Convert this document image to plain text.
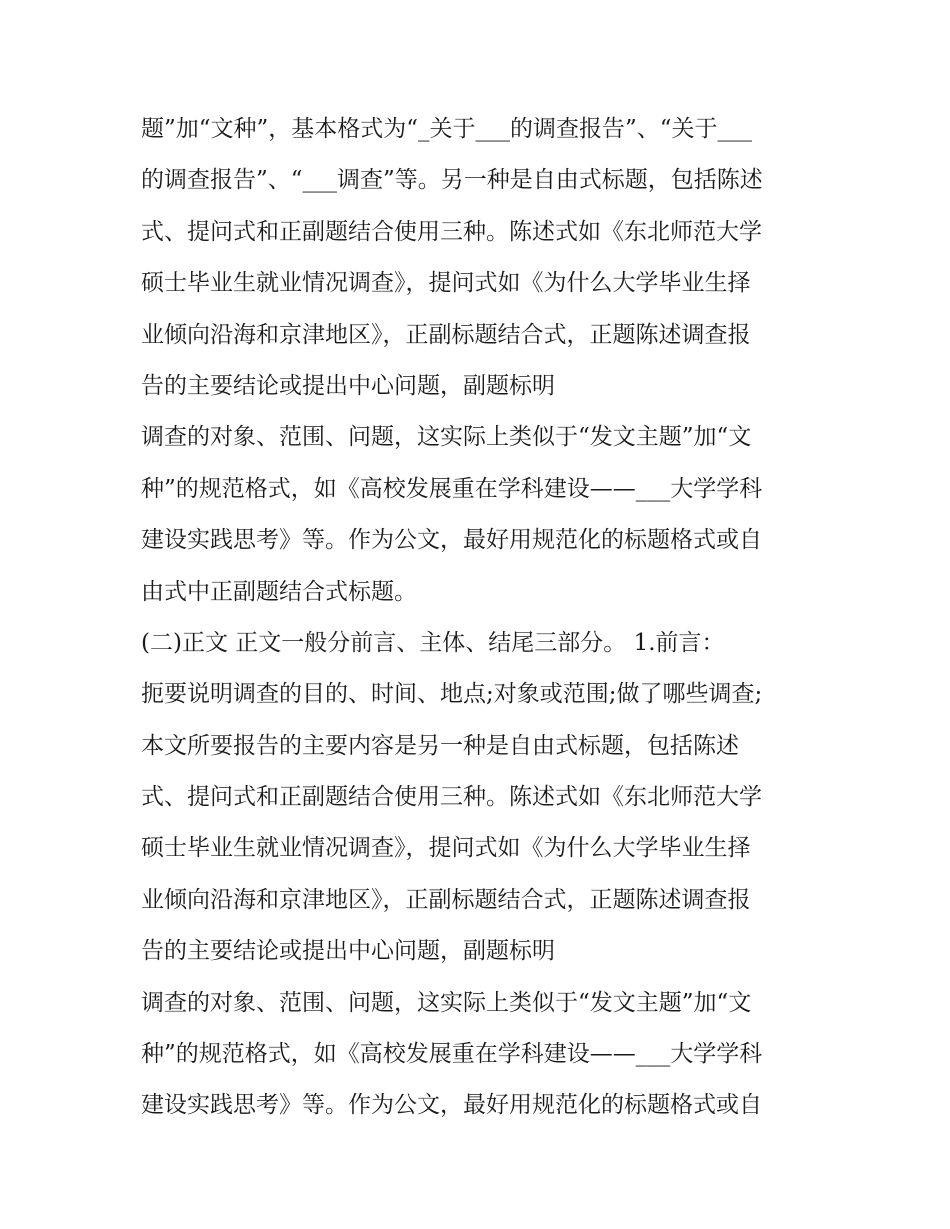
题”加“文种”，基本格式为“_关于___的调查报告”、“关于___
的调查报告”、“___调查”等。另一种是自由式标题，包括陈述
式、提问式和正副题结合使用三种。陈述式如《东北师范大学
硕士毕业生就业情况调查》，提问式如《为什么大学毕业生择
业倾向沿海和京津地区》，正副标题结合式，正题陈述调查报
告的主要结论或提出中心问题，副题标明
调查的对象、范围、问题，这实际上类似于“发文主题”加“文
种”的规范格式，如《高校发展重在学科建设——___大学学科
建设实践思考》等。作为公文，最好用规范化的标题格式或自
由式中正副题结合式标题。
(二)正文 正文一般分前言、主体、结尾三部分。 1.前言：
扼要说明调查的目的、时间、地点;对象或范围;做了哪些调查;
本文所要报告的主要内容是另一种是自由式标题，包括陈述
式、提问式和正副题结合使用三种。陈述式如《东北师范大学
硕士毕业生就业情况调查》，提问式如《为什么大学毕业生择
业倾向沿海和京津地区》，正副标题结合式，正题陈述调查报
告的主要结论或提出中心问题，副题标明
调查的对象、范围、问题，这实际上类似于“发文主题”加“文
种”的规范格式，如《高校发展重在学科建设——___大学学科
建设实践思考》等。作为公文，最好用规范化的标题格式或自
